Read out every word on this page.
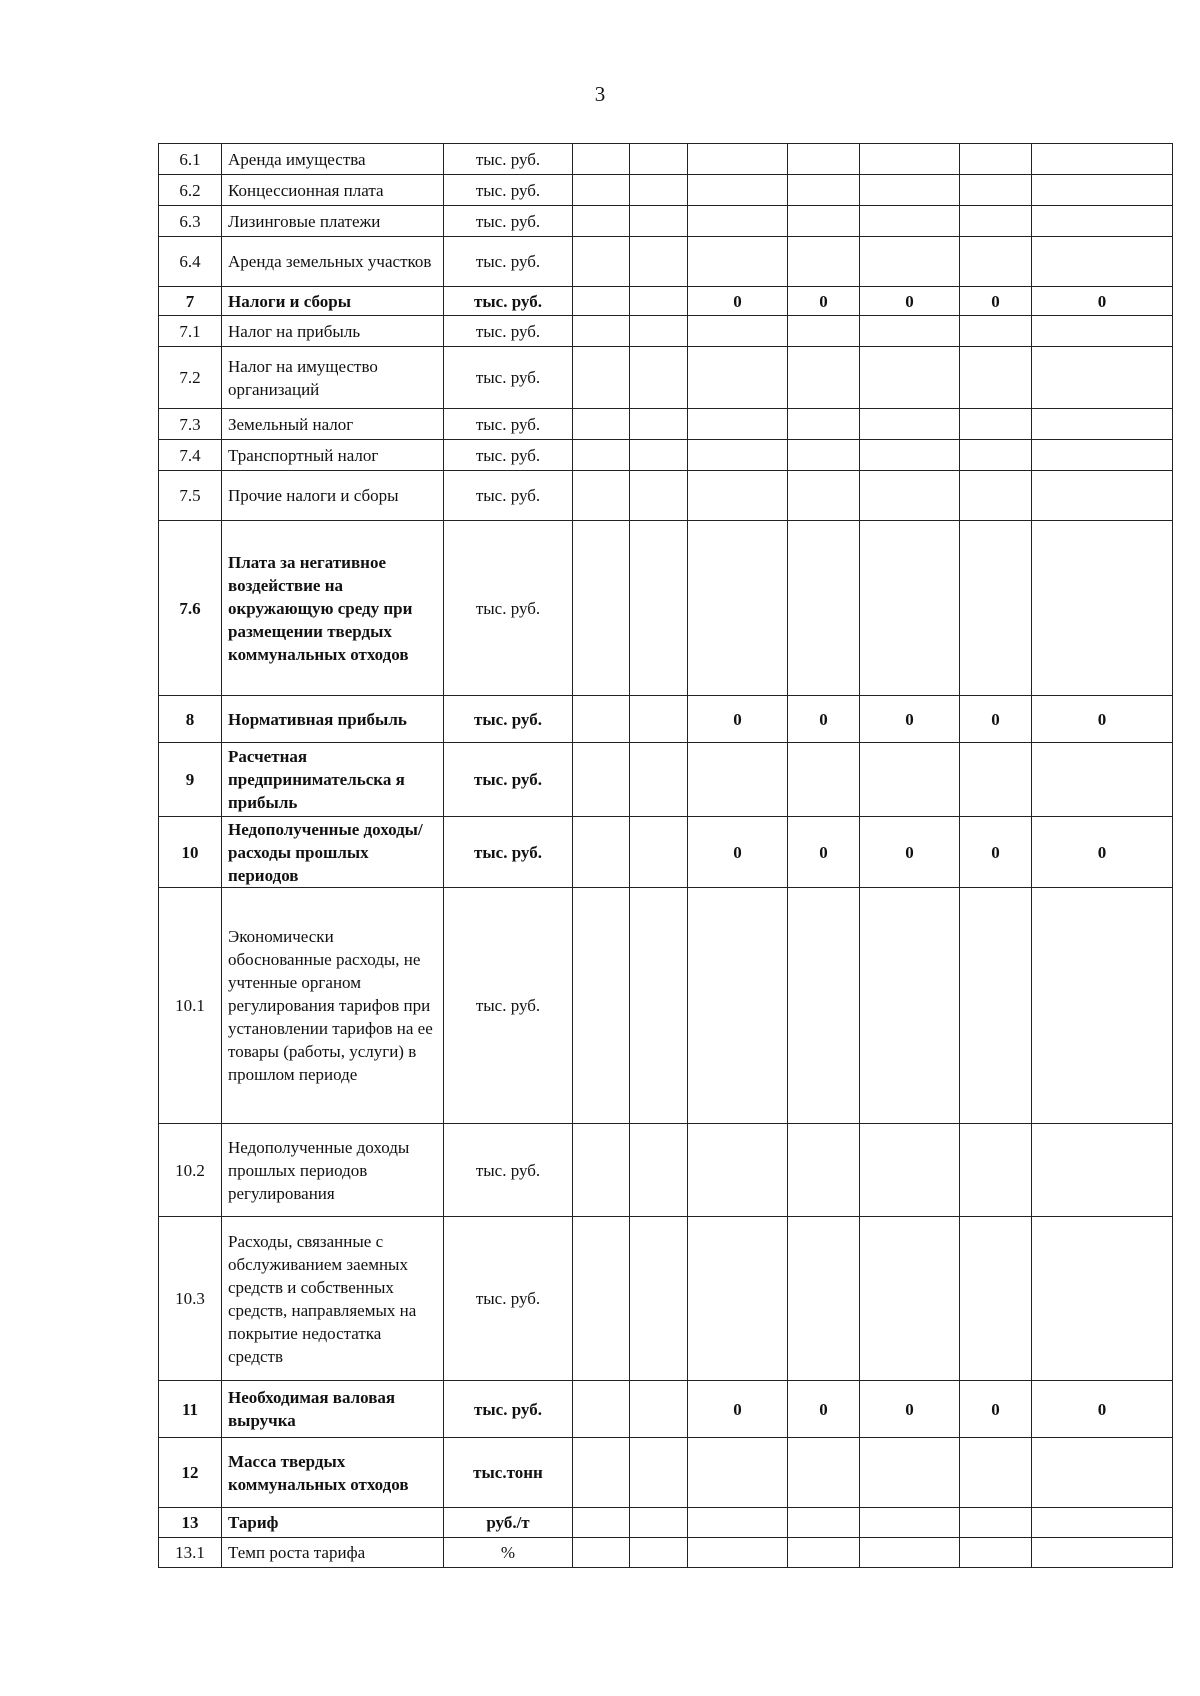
3
6.1	Аренда имущества	тыс. руб.							
6.2	Концессионная плата	тыс. руб.							
6.3	Лизинговые платежи	тыс. руб.							
6.4	Аренда земельных участков	тыс. руб.							
7	Налоги и сборы	тыс. руб.			0	0	0	0	0
7.1	Налог на прибыль	тыс. руб.							
7.2	Налог на имущество организаций	тыс. руб.							
7.3	Земельный налог	тыс. руб.							
7.4	Транспортный налог	тыс. руб.							
7.5	Прочие налоги и сборы	тыс. руб.							
7.6	Плата за негативное воздействие на окружающую среду при размещении твердых коммунальных отходов	тыс. руб.							
8	Нормативная прибыль	тыс. руб.			0	0	0	0	0
9	Расчетная предпринимательска я прибыль	тыс. руб.							
10	Недополученные доходы/расходы прошлых периодов	тыс. руб.			0	0	0	0	0
10.1	Экономически обоснованные расходы, не учтенные органом регулирования тарифов при установлении тарифов на ее товары (работы, услуги) в прошлом периоде	тыс. руб.							
10.2	Недополученные доходы прошлых периодов регулирования	тыс. руб.							
10.3	Расходы, связанные с обслуживанием заемных средств и собственных средств, направляемых на покрытие недостатка средств	тыс. руб.							
11	Необходимая валовая выручка	тыс. руб.			0	0	0	0	0
12	Масса твердых коммунальных отходов	тыс.тонн							
13	Тариф	руб./т							
13.1	Темп роста тарифа	%							
